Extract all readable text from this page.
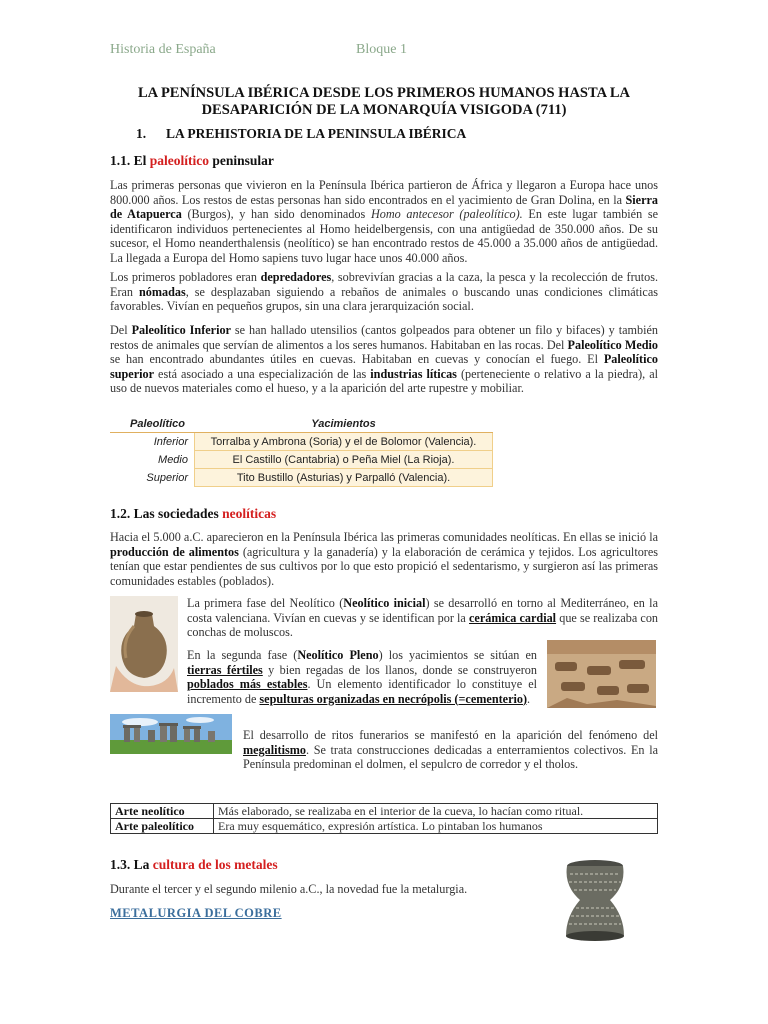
Historia de España	Bloque 1
LA PENÍNSULA IBÉRICA DESDE LOS PRIMEROS HUMANOS HASTA LA DESAPARICIÓN DE LA MONARQUÍA VISIGODA (711)
1. LA PREHISTORIA DE LA PENINSULA IBÉRICA
1.1. El paleolítico peninsular
Las primeras personas que vivieron en la Península Ibérica partieron de África y llegaron a Europa hace unos 800.000 años. Los restos de estas personas han sido encontrados en el yacimiento de Gran Dolina, en la Sierra de Atapuerca (Burgos), y han sido denominados Homo antecesor (paleolítico). En este lugar también se identificaron individuos pertenecientes al Homo heidelbergensis, con una antigüedad de 350.000 años. De su sucesor, el Homo neanderthalensis (neolítico) se han encontrado restos de 45.000 a 35.000 años de antigüedad. La llegada a Europa del Homo sapiens tuvo lugar hace unos 40.000 años.
Los primeros pobladores eran depredadores, sobrevivían gracias a la caza, la pesca y la recolección de frutos. Eran nómadas, se desplazaban siguiendo a rebaños de animales o buscando unas condiciones climáticas favorables. Vivían en pequeños grupos, sin una clara jerarquización social.
Del Paleolítico Inferior se han hallado utensilios (cantos golpeados para obtener un filo y bifaces) y también restos de animales que servían de alimentos a los seres humanos. Habitaban en las rocas. Del Paleolítico Medio se han encontrado abundantes útiles en cuevas. Habitaban en cuevas y conocían el fuego. El Paleolítico superior está asociado a una especialización de las industrias líticas (perteneciente o relativo a la piedra), al uso de nuevos materiales como el hueso, y a la aparición del arte rupestre y mobiliar.
Paleolítico	Yacimientos
Inferior	Torralba y Ambrona (Soria) y el de Bolomor (Valencia).
Medio	El Castillo (Cantabria) o Peña Miel (La Rioja).
Superior	Tito Bustillo (Asturias) y Parpalló (Valencia).
1.2. Las sociedades neolíticas
Hacia el 5.000 a.C. aparecieron en la Península Ibérica las primeras comunidades neolíticas. En ellas se inició la producción de alimentos (agricultura y la ganadería) y la elaboración de cerámica y tejidos. Los agricultores tenían que estar pendientes de sus cultivos por lo que esto propició el sedentarismo, y surgieron así las primeras comunidades estables (poblados).
La primera fase del Neolítico (Neolítico inicial) se desarrolló en torno al Mediterráneo, en la costa valenciana. Vivían en cuevas y se identifican por la cerámica cardial que se realizaba con conchas de moluscos.
En la segunda fase (Neolítico Pleno) los yacimientos se sitúan en tierras fértiles y bien regadas de los llanos, donde se construyeron poblados más estables. Un elemento identificador lo constituye el incremento de sepulturas organizadas en necrópolis (=cementerio).
El desarrollo de ritos funerarios se manifestó en la aparición del fenómeno del megalitismo. Se trata construcciones dedicadas a enterramientos colectivos. En la Península predominan el dolmen, el sepulcro de corredor y el tholos.
Arte neolítico	Más elaborado, se realizaba en el interior de la cueva, lo hacían como ritual.
Arte paleolítico	Era muy esquemático, expresión artística. Lo pintaban los humanos
1.3. La cultura de los metales
Durante el tercer y el segundo milenio a.C., la novedad fue la metalurgia.
METALURGIA DEL COBRE
